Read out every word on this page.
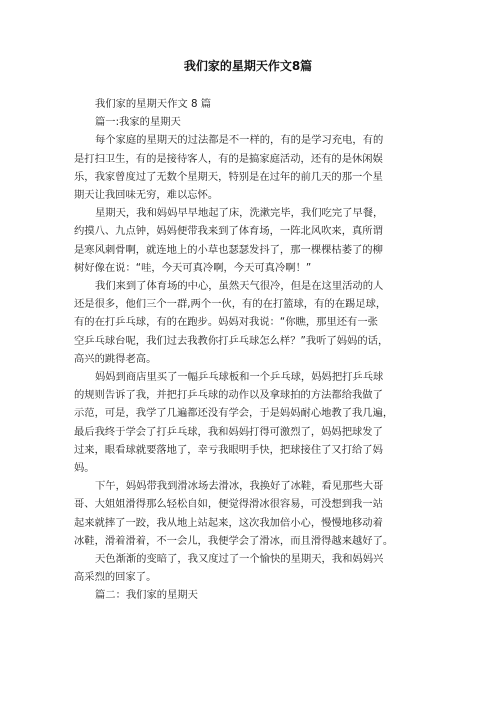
我们家的星期天作文8篇
我们家的星期天作文 8 篇
篇一:我家的星期天
每个家庭的星期天的过法都是不一样的，有的是学习充电，有的
是打扫卫生，有的是接待客人，有的是搞家庭活动，还有的是休闲娱
乐，我家曾度过了无数个星期天，特别是在过年的前几天的那一个星
期天让我回味无穷，难以忘怀。
星期天，我和妈妈早早地起了床，洗漱完毕，我们吃完了早餐，
约摸八、九点钟，妈妈便带我来到了体育场，一阵北风吹来，真所谓
是寒风刺骨啊，就连地上的小草也瑟瑟发抖了，那一棵棵枯萎了的柳
树好像在说：“哇，今天可真冷啊，今天可真冷啊！”
我们来到了体育场的中心，虽然天气很冷，但是在这里活动的人
还是很多，他们三个一群,两个一伙，有的在打篮球，有的在踢足球，
有的在打乒乓球，有的在跑步。妈妈对我说：“你瞧，那里还有一张
空乒乓球台呢，我们过去我教你打乒乓球怎么样？”我听了妈妈的话，
高兴的跳得老高。
妈妈到商店里买了一幅乒乓球板和一个乒乓球，妈妈把打乒乓球
的规则告诉了我，并把打乒乓球的动作以及拿球拍的方法都给我做了
示范，可是，我学了几遍都还没有学会，于是妈妈耐心地教了我几遍，
最后我终于学会了打乒乓球，我和妈妈打得可激烈了，妈妈把球发了
过来，眼看球就要落地了，幸亏我眼明手快，把球接住了又打给了妈
妈。
下午，妈妈带我到滑冰场去滑冰，我换好了冰鞋，看见那些大哥
哥、大姐姐滑得那么轻松自如，便觉得滑冰很容易，可没想到我一站
起来就摔了一跤，我从地上站起来，这次我加倍小心，慢慢地移动着
冰鞋，滑着滑着，不一会儿，我便学会了滑冰，而且滑得越来越好了。
天色渐渐的变暗了，我又度过了一个愉快的星期天，我和妈妈兴
高采烈的回家了。
篇二：我们家的星期天
